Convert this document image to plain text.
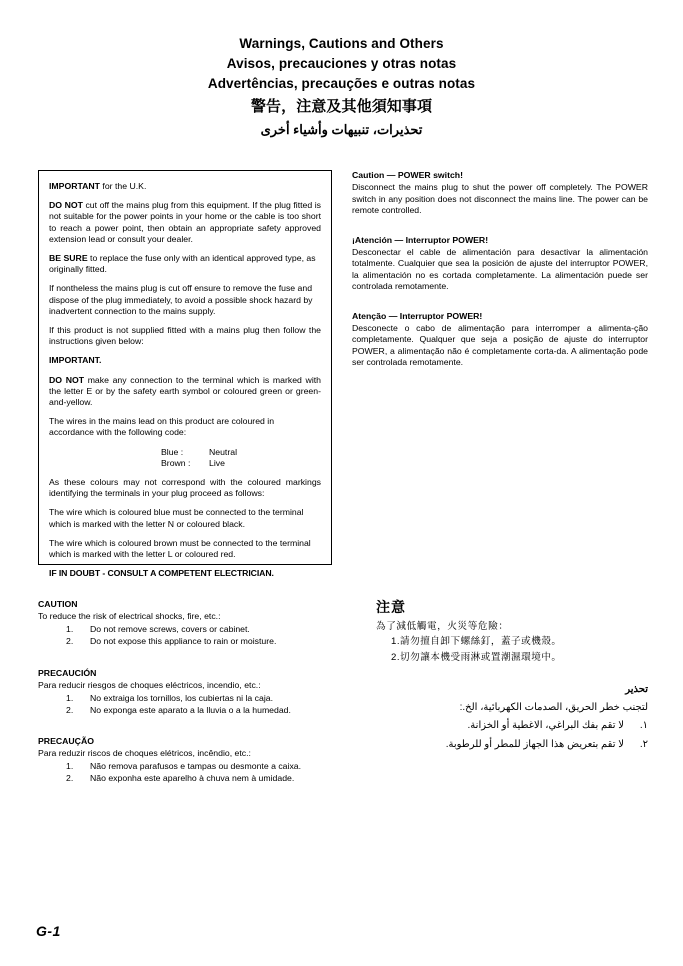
Warnings, Cautions and Others
Avisos, precauciones y otras notas
Advertências, precauções e outras notas
警告，注意及其他須知事項
تحذيرات، تنبيهات وأشياء أخرى

IMPORTANT for the U.K.

DO NOT cut off the mains plug from this equipment. If the plug fitted is not suitable for the power points in your home or the cable is too short to reach a power point, then obtain an appropriate safety approved extension lead or consult your dealer.

BE SURE to replace the fuse only with an identical approved type, as originally fitted.

If nontheless the mains plug is cut off ensure to remove the fuse and dispose of the plug immediately, to avoid a possible shock hazard by inadvertent connection to the mains supply.

If this product is not supplied fitted with a mains plug then follow the instructions given below:

IMPORTANT.

DO NOT make any connection to the terminal which is marked with the letter E or by the safety earth symbol or coloured green or green-and-yellow.

The wires in the mains lead on this product are coloured in accordance with the following code:

Blue :	Neutral
Brown : Live

As these colours may not correspond with the coloured markings identifying the terminals in your plug proceed as follows:

The wire which is coloured blue must be connected to the terminal which is marked with the letter N or coloured black.

The wire which is coloured brown must be connected to the terminal which is marked with the letter L or coloured red.

IF IN DOUBT - CONSULT A COMPETENT ELECTRICIAN.

Caution — POWER switch!

Disconnect the mains plug to shut the power off completely. The POWER switch in any position does not disconnect the mains line. The power can be remote controlled.

¡Atención — Interruptor POWER!

Desconectar el cable de alimentación para desactivar la alimentación totalmente. Cualquier que sea la posición de ajuste del interruptor POWER, la alimentación no es cortada completamente. La alimentación puede ser controlada remotamente.

Atenção — Interruptor POWER!

Desconecte o cabo de alimentação para interromper a alimenta-ção completamente. Qualquer que seja a posição de ajuste do interruptor POWER, a alimentação não é completamente corta-da. A alimentação pode ser controlada remotamente.

CAUTION

To reduce the risk of electrical shocks, fire, etc.:

1.	Do not remove screws, covers or cabinet.
2.	Do not expose this appliance to rain or moisture.

PRECAUCIÓN

Para reducir riesgos de choques eléctricos, incendio, etc.:

1.	No extraiga los tornillos, los cubiertas ni la caja.
2.	No exponga este aparato a la lluvia o a la humedad.

PRECAUÇÃO

Para reduzir riscos de choques elétricos, incêndio, etc.:

1.	Não remova parafusos e tampas ou desmonte a caixa.
2.	Não exponha este aparelho à chuva nem à umidade.

注意

為了減低觸電，火災等危險：

1.請勿擅自卸下螺絲釘，蓋子或機殼。
2.切勿讓本機受雨淋或置潮濕環境中。

تحذير

لتجنب خطر الحريق، الصدمات الكهربائية، الخ.:

١.
لا تقم بفك البراغي، الاغطية أو الخزانة.
٢.
لا تقم بتعريض هذا الجهاز للمطر أو للرطوبة.
G-1
